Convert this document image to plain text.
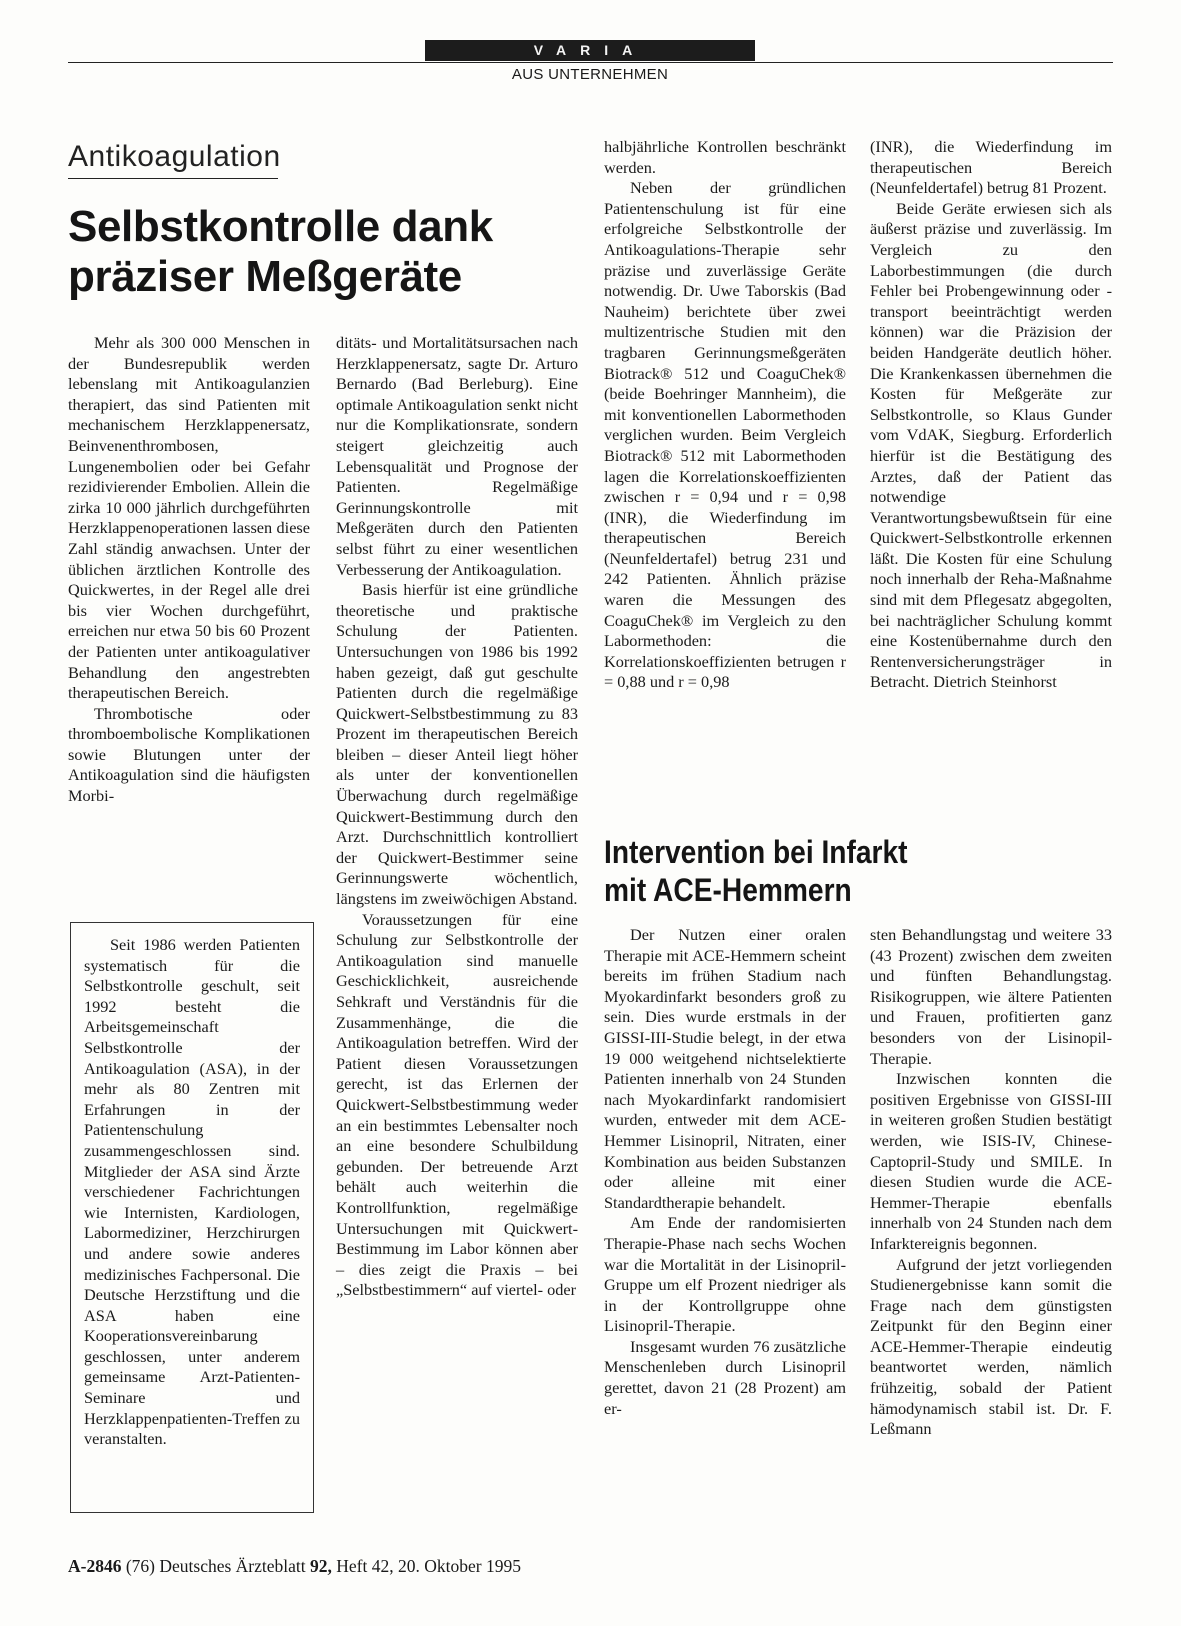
VARIA
AUS UNTERNEHMEN
Antikoagulation
Selbstkontrolle dank
präziser Meßgeräte

Mehr als 300 000 Menschen in der Bundesrepublik werden lebenslang mit Antikoagulanzien therapiert, das sind Patienten mit mechanischem Herzklappenersatz, Beinvenenthrombosen, Lungenembolien oder bei Gefahr rezidivierender Embolien. Allein die zirka 10 000 jährlich durchgeführten Herzklappenoperationen lassen diese Zahl ständig anwachsen. Unter der üblichen ärztlichen Kontrolle des Quickwertes, in der Regel alle drei bis vier Wochen durchgeführt, erreichen nur etwa 50 bis 60 Prozent der Patienten unter antikoagulativer Behandlung den angestrebten therapeutischen Bereich.

Thrombotische oder thromboembolische Komplikationen sowie Blutungen unter der Antikoagulation sind die häufigsten Morbi-

Seit 1986 werden Patienten systematisch für die Selbstkontrolle geschult, seit 1992 besteht die Arbeitsgemeinschaft Selbstkontrolle der Antikoagulation (ASA), in der mehr als 80 Zentren mit Erfahrungen in der Patientenschulung zusammengeschlossen sind. Mitglieder der ASA sind Ärzte verschiedener Fachrichtungen wie Internisten, Kardiologen, Labormediziner, Herzchirurgen und andere sowie anderes medizinisches Fachpersonal. Die Deutsche Herzstiftung und die ASA haben eine Kooperationsvereinbarung geschlossen, unter anderem gemeinsame Arzt-Patienten-Seminare und Herzklappenpatienten-Treffen zu veranstalten.

ditäts- und Mortalitätsursachen nach Herzklappenersatz, sagte Dr. Arturo Bernardo (Bad Berleburg). Eine optimale Antikoagulation senkt nicht nur die Komplikationsrate, sondern steigert gleichzeitig auch Lebensqualität und Prognose der Patienten. Regelmäßige Gerinnungskontrolle mit Meßgeräten durch den Patienten selbst führt zu einer wesentlichen Verbesserung der Antikoagulation.

Basis hierfür ist eine gründliche theoretische und praktische Schulung der Patienten. Untersuchungen von 1986 bis 1992 haben gezeigt, daß gut geschulte Patienten durch die regelmäßige Quickwert-Selbstbestimmung zu 83 Prozent im therapeutischen Bereich bleiben – dieser Anteil liegt höher als unter der konventionellen Überwachung durch regelmäßige Quickwert-Bestimmung durch den Arzt. Durchschnittlich kontrolliert der Quickwert-Bestimmer seine Gerinnungswerte wöchentlich, längstens im zweiwöchigen Abstand.

Voraussetzungen für eine Schulung zur Selbstkontrolle der Antikoagulation sind manuelle Geschicklichkeit, ausreichende Sehkraft und Verständnis für die Zusammenhänge, die die Antikoagulation betreffen. Wird der Patient diesen Voraussetzungen gerecht, ist das Erlernen der Quickwert-Selbstbestimmung weder an ein bestimmtes Lebensalter noch an eine besondere Schulbildung gebunden. Der betreuende Arzt behält auch weiterhin die Kontrollfunktion, regelmäßige Untersuchungen mit Quickwert-Bestimmung im Labor können aber – dies zeigt die Praxis – bei „Selbstbestimmern“ auf viertel- oder

halbjährliche Kontrollen beschränkt werden.

Neben der gründlichen Patientenschulung ist für eine erfolgreiche Selbstkontrolle der Antikoagulations-Therapie sehr präzise und zuverlässige Geräte notwendig. Dr. Uwe Taborskis (Bad Nauheim) berichtete über zwei multizentrische Studien mit den tragbaren Gerinnungsmeßgeräten Biotrack® 512 und CoaguChek® (beide Boehringer Mannheim), die mit konventionellen Labormethoden verglichen wurden. Beim Vergleich Biotrack® 512 mit Labormethoden lagen die Korrelationskoeffizienten zwischen r = 0,94 und r = 0,98 (INR), die Wiederfindung im therapeutischen Bereich (Neunfeldertafel) betrug 231 und 242 Patienten. Ähnlich präzise waren die Messungen des CoaguChek® im Vergleich zu den Labormethoden: die Korrelationskoeffizienten betrugen r = 0,88 und r = 0,98

(INR), die Wiederfindung im therapeutischen Bereich (Neunfeldertafel) betrug 81 Prozent.

Beide Geräte erwiesen sich als äußerst präzise und zuverlässig. Im Vergleich zu den Laborbestimmungen (die durch Fehler bei Probengewinnung oder -transport beeinträchtigt werden können) war die Präzision der beiden Handgeräte deutlich höher. Die Krankenkassen übernehmen die Kosten für Meßgeräte zur Selbstkontrolle, so Klaus Gunder vom VdAK, Siegburg. Erforderlich hierfür ist die Bestätigung des Arztes, daß der Patient das notwendige Verantwortungsbewußtsein für eine Quickwert-Selbstkontrolle erkennen läßt. Die Kosten für eine Schulung noch innerhalb der Reha-Maßnahme sind mit dem Pflegesatz abgegolten, bei nachträglicher Schulung kommt eine Kostenübernahme durch den Rentenversicherungsträger in Betracht. Dietrich Steinhorst

Intervention bei Infarkt
mit ACE-Hemmern

Der Nutzen einer oralen Therapie mit ACE-Hemmern scheint bereits im frühen Stadium nach Myokardinfarkt besonders groß zu sein. Dies wurde erstmals in der GISSI-III-Studie belegt, in der etwa 19 000 weitgehend nichtselektierte Patienten innerhalb von 24 Stunden nach Myokardinfarkt randomisiert wurden, entweder mit dem ACE-Hemmer Lisinopril, Nitraten, einer Kombination aus beiden Substanzen oder alleine mit einer Standardtherapie behandelt.

Am Ende der randomisierten Therapie-Phase nach sechs Wochen war die Mortalität in der Lisinopril-Gruppe um elf Prozent niedriger als in der Kontrollgruppe ohne Lisinopril-Therapie.

Insgesamt wurden 76 zusätzliche Menschenleben durch Lisinopril gerettet, davon 21 (28 Prozent) am er-

sten Behandlungstag und weitere 33 (43 Prozent) zwischen dem zweiten und fünften Behandlungstag. Risikogruppen, wie ältere Patienten und Frauen, profitierten ganz besonders von der Lisinopil-Therapie.

Inzwischen konnten die positiven Ergebnisse von GISSI-III in weiteren großen Studien bestätigt werden, wie ISIS-IV, Chinese-Captopril-Study und SMILE. In diesen Studien wurde die ACE-Hemmer-Therapie ebenfalls innerhalb von 24 Stunden nach dem Infarktereignis begonnen.

Aufgrund der jetzt vorliegenden Studienergebnisse kann somit die Frage nach dem günstigsten Zeitpunkt für den Beginn einer ACE-Hemmer-Therapie eindeutig beantwortet werden, nämlich frühzeitig, sobald der Patient hämodynamisch stabil ist. Dr. F. Leßmann

A-2846 (76) Deutsches Ärzteblatt 92, Heft 42, 20. Oktober 1995
